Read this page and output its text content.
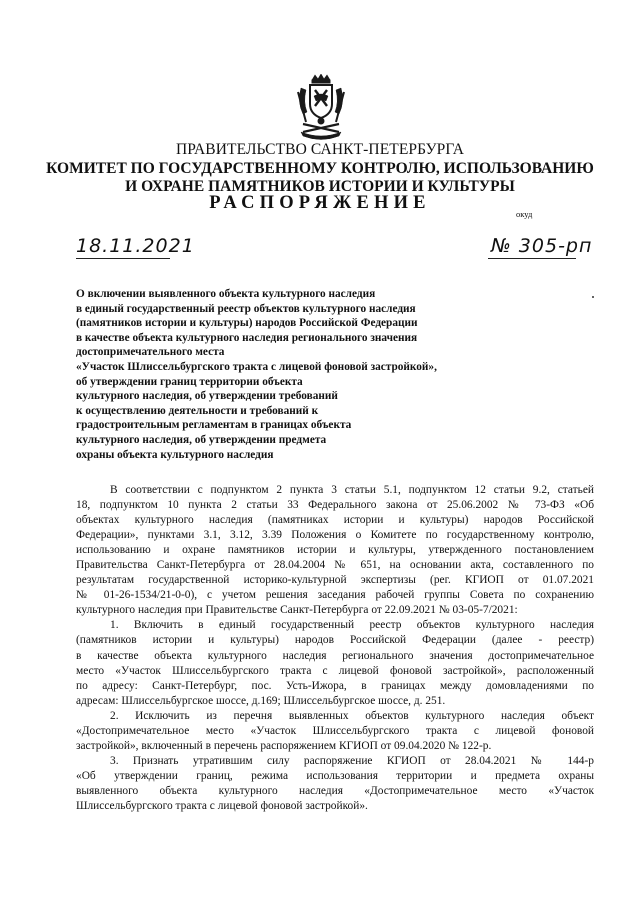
ПРАВИТЕЛЬСТВО САНКТ-ПЕТЕРБУРГА
КОМИТЕТ ПО ГОСУДАРСТВЕННОМУ КОНТРОЛЮ, ИСПОЛЬЗОВАНИЮ
И ОХРАНЕ ПАМЯТНИКОВ ИСТОРИИ И КУЛЬТУРЫ
РАСПОРЯЖЕНИЕ
окуд
18.11.2021	№ 305-рп
О включении выявленного объекта культурного наследия
в единый государственный реестр объектов культурного наследия
(памятников истории и культуры) народов Российской Федерации
в качестве объекта культурного наследия регионального значения
достопримечательного места
«Участок Шлиссельбургского тракта с лицевой фоновой застройкой»,
об утверждении границ территории объекта
культурного наследия, об утверждении требований
к осуществлению деятельности и требований к
градостроительным регламентам в границах объекта
культурного наследия, об утверждении предмета
охраны объекта культурного наследия
В соответствии с подпунктом 2 пункта 3 статьи 5.1, подпунктом 12 статьи 9.2, статьей
18, подпунктом 10 пункта 2 статьи 33 Федерального закона от 25.06.2002 № 73-ФЗ «Об
объектах культурного наследия (памятниках истории и культуры) народов Российской
Федерации», пунктами 3.1, 3.12, 3.39 Положения о Комитете по государственному контролю,
использованию и охране памятников истории и культуры, утвержденного постановлением
Правительства Санкт-Петербурга от 28.04.2004 № 651, на основании акта, составленного по
результатам государственной историко-культурной экспертизы (рег. КГИОП от 01.07.2021
№ 01-26-1534/21-0-0), с учетом решения заседания рабочей группы Совета по сохранению
культурного наследия при Правительстве Санкт-Петербурга от 22.09.2021 № 03-05-7/2021:
1. Включить в единый государственный реестр объектов культурного наследия
(памятников истории и культуры) народов Российской Федерации (далее - реестр)
в качестве объекта культурного наследия регионального значения достопримечательное
место «Участок Шлиссельбургского тракта с лицевой фоновой застройкой», расположенный
по адресу: Санкт-Петербург, пос. Усть-Ижора, в границах между домовладениями по
адресам: Шлиссельбургское шоссе, д.169; Шлиссельбургское шоссе, д. 251.
2. Исключить из перечня выявленных объектов культурного наследия объект
«Достопримечательное место «Участок Шлиссельбургского тракта с лицевой фоновой
застройкой», включенный в перечень распоряжением КГИОП от 09.04.2020 № 122-р.
3. Признать утратившим силу распоряжение КГИОП от 28.04.2021 № 144-р
«Об утверждении границ, режима использования территории и предмета охраны
выявленного объекта культурного наследия «Достопримечательное место «Участок
Шлиссельбургского тракта с лицевой фоновой застройкой».
